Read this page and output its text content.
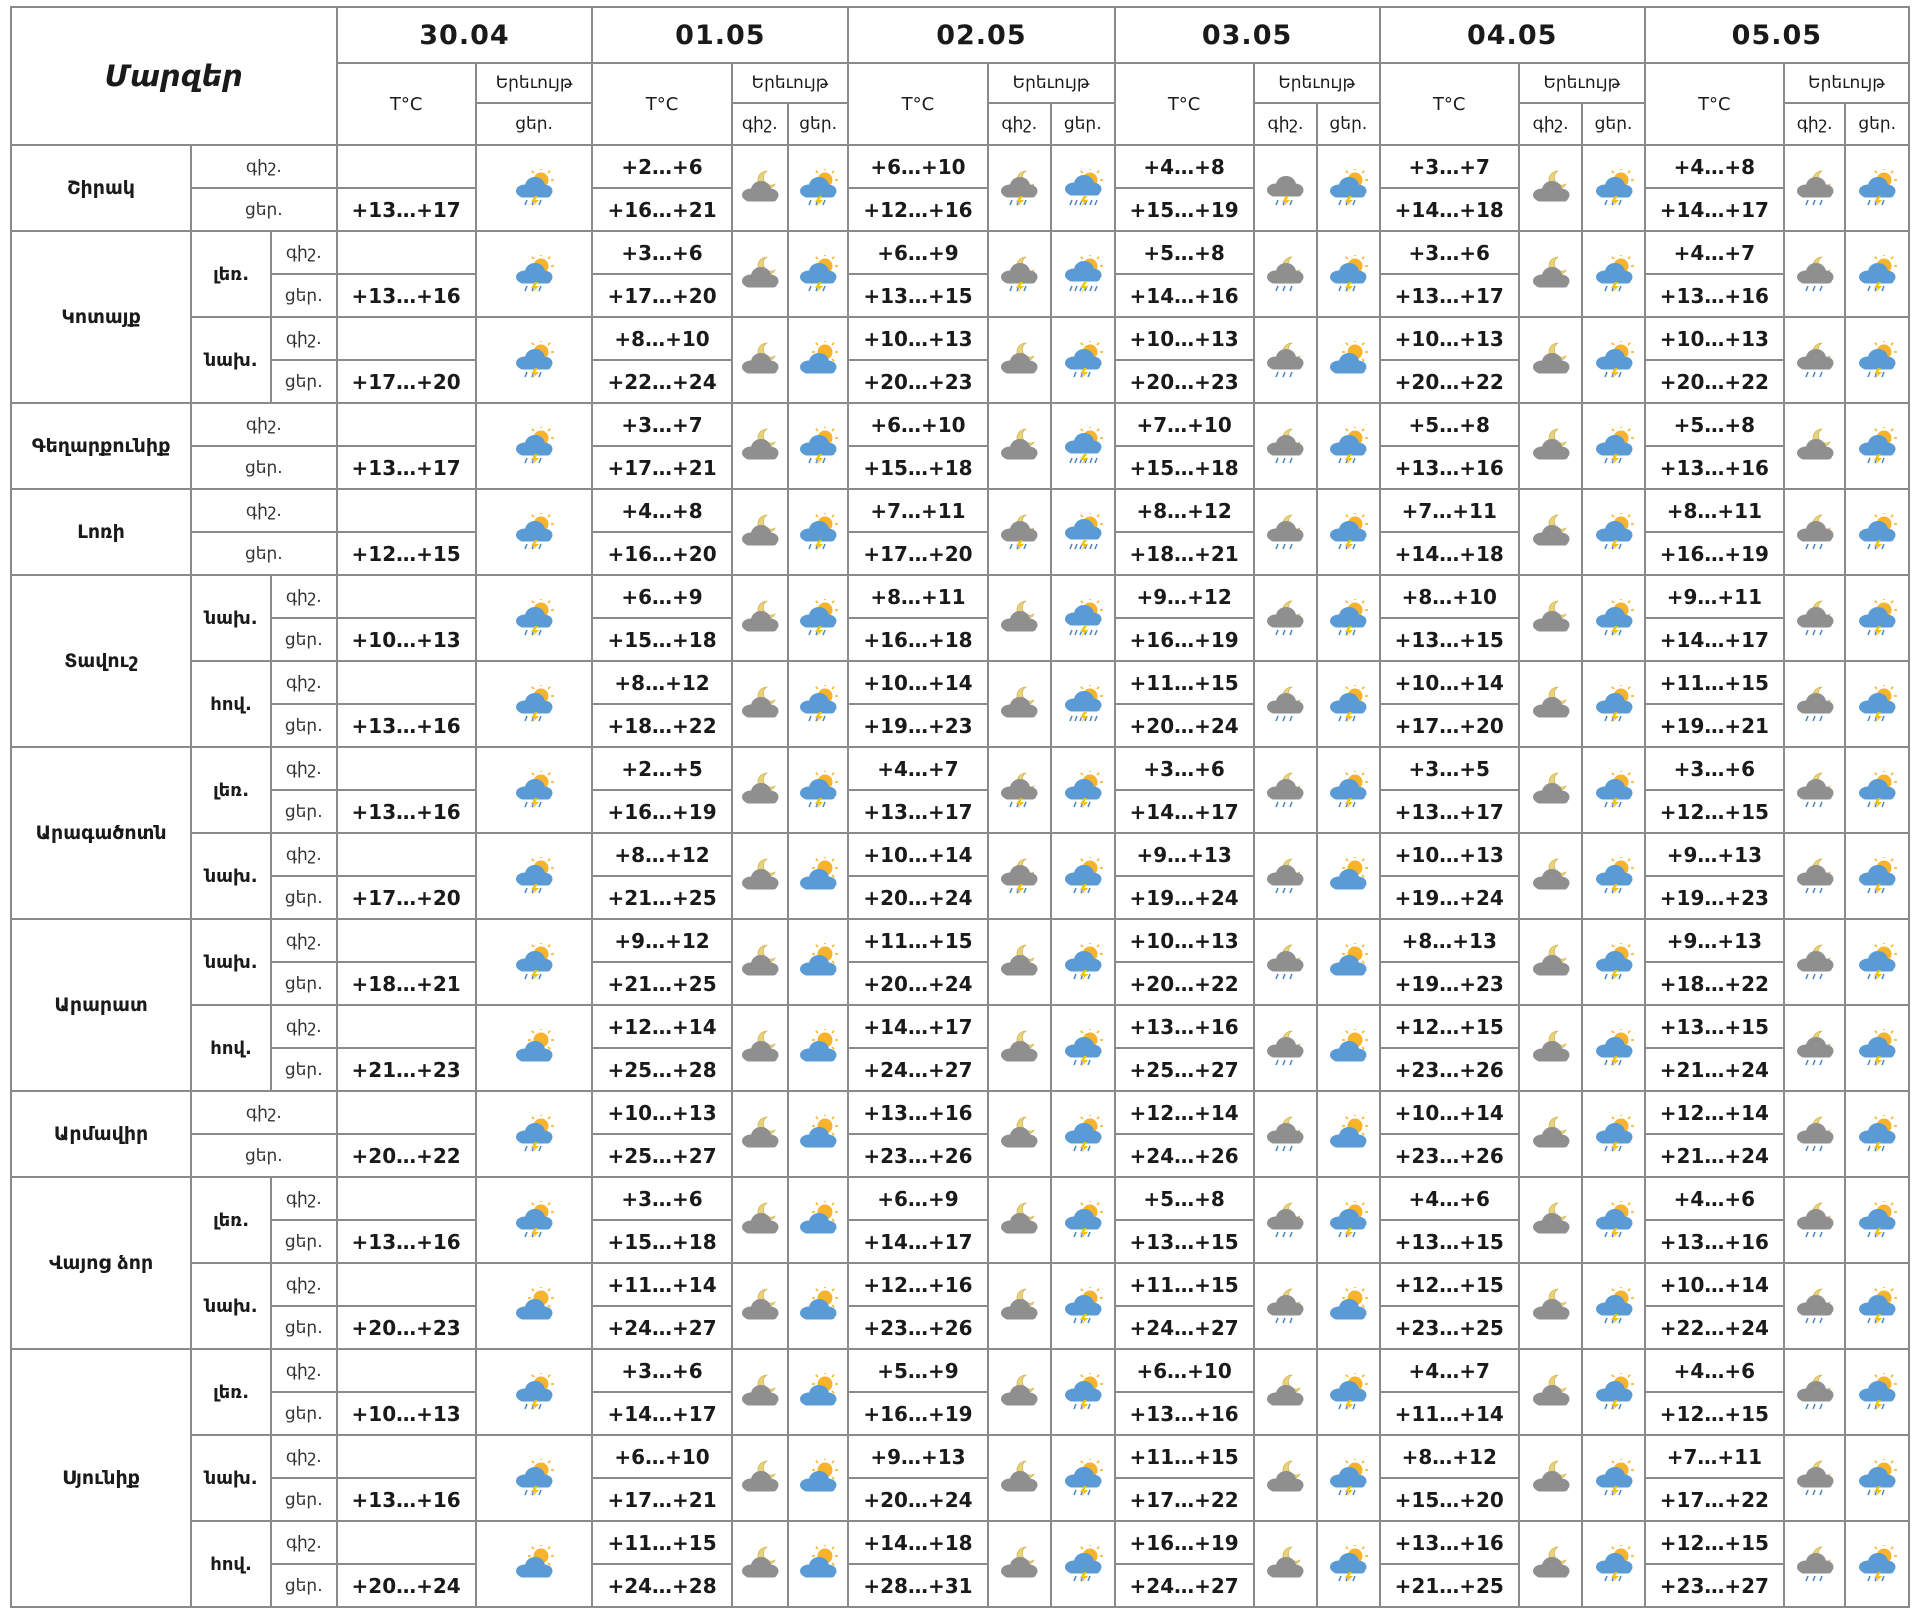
Մարզեր			30.04		01.05			02.05			03.05			04.05			05.05		
			T°C	Երեւույթ	T°C	Երեւույթ		T°C	Երեւույթ		T°C	Երեւույթ		T°C	Երեւույթ		T°C	Երեւույթ	
				ցեր.		գիշ.	ցեր.		գիշ.	ցեր.		գիշ.	ցեր.		գիշ.	ցեր.		գիշ.	ցեր.
Շիրակ	գիշ.				+2…+6			+6…+10			+4…+8			+3…+7			+4…+8	

	ցեր.		+13…+17		+16…+21			+12…+16			+15…+19			+14…+18			+14…+17		
Կոտայք	լեռ.	գիշ.			+3…+6			+6…+9			+5…+8			+3…+6			+4…+7	

		ցեր.	+13…+16		+17…+20			+13…+15			+14…+16			+13…+17			+13…+16		
	նախ.	գիշ.			+8…+10			+10…+13			+10…+13			+10…+13			+10…+13	

		ցեր.	+17…+20		+22…+24			+20…+23			+20…+23			+20…+22			+20…+22		
Գեղարքունիք	գիշ.				+3…+7			+6…+10			+7…+10			+5…+8			+5…+8	

	ցեր.		+13…+17		+17…+21			+15…+18			+15…+18			+13…+16			+13…+16		
Լոռի	գիշ.				+4…+8			+7…+11			+8…+12			+7…+11			+8…+11	

	ցեր.		+12…+15		+16…+20			+17…+20			+18…+21			+14…+18			+16…+19		
Տավուշ	նախ.	գիշ.			+6…+9			+8…+11			+9…+12			+8…+10			+9…+11	

		ցեր.	+10…+13		+15…+18			+16…+18			+16…+19			+13…+15			+14…+17		
	հով.	գիշ.			+8…+12			+10…+14			+11…+15			+10…+14			+11…+15	

		ցեր.	+13…+16		+18…+22			+19…+23			+20…+24			+17…+20			+19…+21		
Արագածոտն	լեռ.	գիշ.			+2…+5			+4…+7			+3…+6			+3…+5			+3…+6	

		ցեր.	+13…+16		+16…+19			+13…+17			+14…+17			+13…+17			+12…+15		
	նախ.	գիշ.			+8…+12			+10…+14			+9…+13			+10…+13			+9…+13	

		ցեր.	+17…+20		+21…+25			+20…+24			+19…+24			+19…+24			+19…+23		
Արարատ	նախ.	գիշ.			+9…+12			+11…+15			+10…+13			+8…+13			+9…+13	

		ցեր.	+18…+21		+21…+25			+20…+24			+20…+22			+19…+23			+18…+22		
	հով.	գիշ.			+12…+14			+14…+17			+13…+16			+12…+15			+13…+15	

		ցեր.	+21…+23		+25…+28			+24…+27			+25…+27			+23…+26			+21…+24		
Արմավիր	գիշ.				+10…+13			+13…+16			+12…+14			+10…+14			+12…+14	

	ցեր.		+20…+22		+25…+27			+23…+26			+24…+26			+23…+26			+21…+24		
Վայոց ձոր	լեռ.	գիշ.			+3…+6			+6…+9			+5…+8			+4…+6			+4…+6	

		ցեր.	+13…+16		+15…+18			+14…+17			+13…+15			+13…+15			+13…+16		
	նախ.	գիշ.			+11…+14			+12…+16			+11…+15			+12…+15			+10…+14	

		ցեր.	+20…+23		+24…+27			+23…+26			+24…+27			+23…+25			+22…+24		
Սյունիք	լեռ.	գիշ.			+3…+6			+5…+9			+6…+10			+4…+7			+4…+6	

		ցեր.	+10…+13		+14…+17			+16…+19			+13…+16			+11…+14			+12…+15		
	նախ.	գիշ.			+6…+10			+9…+13			+11…+15			+8…+12			+7…+11	

		ցեր.	+13…+16		+17…+21			+20…+24			+17…+22			+15…+20			+17…+22		
	հով.	գիշ.			+11…+15			+14…+18			+16…+19			+13…+16			+12…+15	

		ցեր.	+20…+24		+24…+28			+28…+31			+24…+27			+21…+25			+23…+27		
